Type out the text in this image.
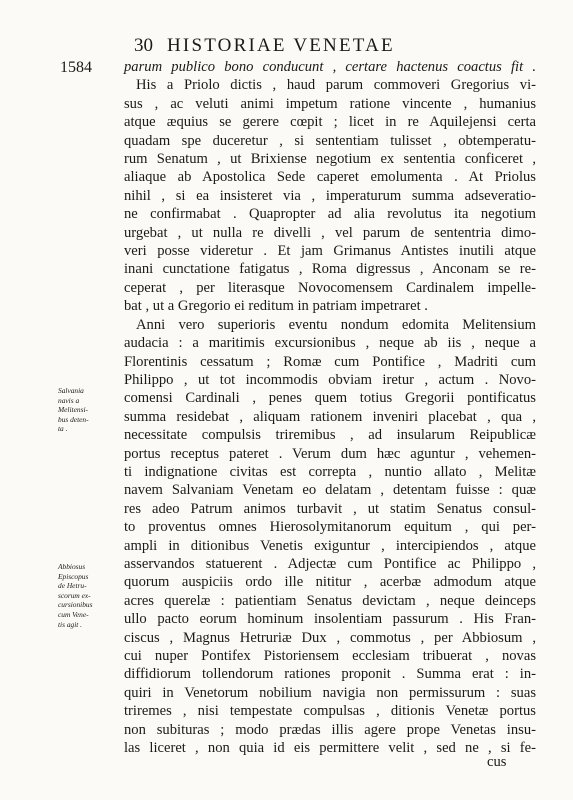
30 HISTORIAE VENETAE
1584 parum publico bono conducunt , certare hactenus coactus fit .
His a Priolo dictis , haud parum commoveri Gregorius vi-
sus , ac veluti animi impetum ratione vincente , humanius
atque æquius se gerere cœpit ; licet in re Aquilejensi certa
quadam spe duceretur , si sententiam tulisset , obtemperatu-
rum Senatum , ut Brixiense negotium ex sententia conficeret ,
aliaque ab Apostolica Sede caperet emolumenta . At Priolus
nihil , si ea insisteret via , imperaturum summa adseveratio-
ne confirmabat . Quapropter ad alia revolutus ita negotium
urgebat , ut nulla re divelli , vel parum de sententria dimo-
veri posse videretur . Et jam Grimanus Antistes inutili atque
inani cunctatione fatigatus , Roma digressus , Anconam se re-
ceperat , per literasque Novocomensem Cardinalem impelle-
bat , ut a Gregorio ei reditum in patriam impetraret .
Anni vero superioris eventu nondum edomita Melitensium
audacia : a maritimis excursionibus , neque ab iis , neque a
Florentinis cessatum ; Romæ cum Pontifice , Madriti cum
Philippo , ut tot incommodis obviam iretur , actum . Novo-
comensi Cardinali , penes quem totius Gregorii pontificatus
summa residebat , aliquam rationem inveniri placebat , qua ,
necessitate compulsis triremibus , ad insularum Reipublicæ
portus receptus pateret . Verum dum hæc aguntur , vehemen-
ti indignatione civitas est correpta , nuntio allato , Melitæ
navem Salvaniam Venetam eo delatam , detentam fuisse : quæ
res adeo Patrum animos turbavit , ut statim Senatus consul-
to proventus omnes Hierosolymitanorum equitum , qui per-
ampli in ditionibus Venetis exiguntur , intercipiendos , atque
asservandos statuerent . Adjectæ cum Pontifice ac Philippo ,
quorum auspiciis ordo ille nititur , acerbæ admodum atque
acres querelæ : patientiam Senatus devictam , neque deinceps
ullo pacto eorum hominum insolentiam passurum . His Fran-
ciscus , Magnus Hetruriæ Dux , commotus , per Abbiosum ,
cui nuper Pontifex Pistoriensem ecclesiam tribuerat , novas
diffidiorum tollendorum rationes proponit . Summa erat : in-
quiri in Venetorum nobilium navigia non permissurum : suas
triremes , nisi tempestate compulsas , ditionis Venetæ portus
non subituras ; modo prædas illis agere prope Venetas insu-
las liceret , non quia id eis permittere velit , sed ne , si fe-
Salvania
navis a
Melitensi-
bus deten-
ta .
Abbiosus
Episcopus
de Hetru-
scorum ex-
cursionibus
cum Vene-
tis agit .
cus
